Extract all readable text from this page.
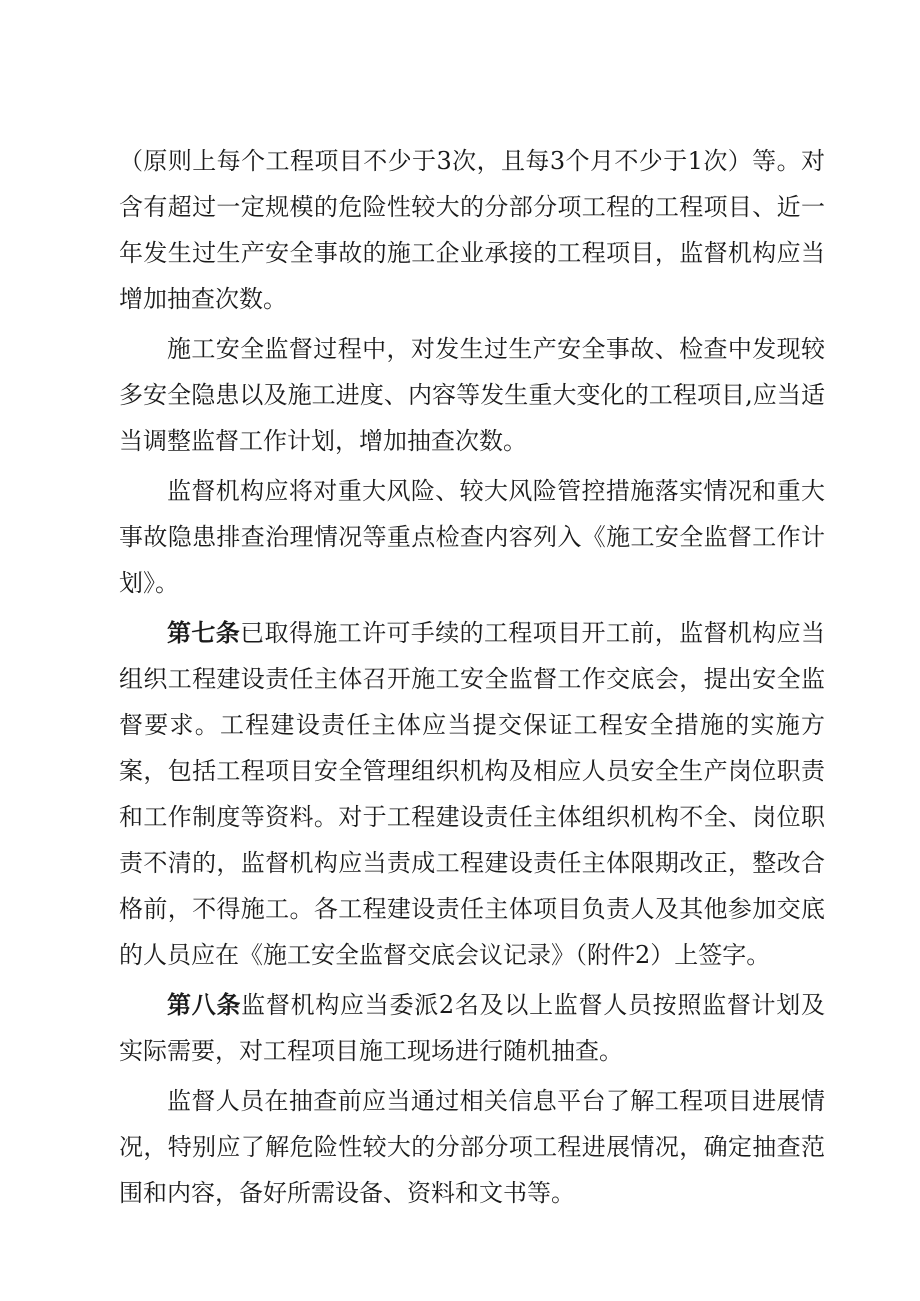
（原则上每个工程项目不少于3次，且每3个月不少于1次）等。对含有超过一定规模的危险性较大的分部分项工程的工程项目、近一年发生过生产安全事故的施工企业承接的工程项目，监督机构应当增加抽查次数。

施工安全监督过程中，对发生过生产安全事故、检查中发现较多安全隐患以及施工进度、内容等发生重大变化的工程项目,应当适当调整监督工作计划，增加抽查次数。

监督机构应将对重大风险、较大风险管控措施落实情况和重大事故隐患排查治理情况等重点检查内容列入《施工安全监督工作计划》。

第七条已取得施工许可手续的工程项目开工前，监督机构应当组织工程建设责任主体召开施工安全监督工作交底会，提出安全监督要求。工程建设责任主体应当提交保证工程安全措施的实施方案，包括工程项目安全管理组织机构及相应人员安全生产岗位职责和工作制度等资料。对于工程建设责任主体组织机构不全、岗位职责不清的，监督机构应当责成工程建设责任主体限期改正，整改合格前，不得施工。各工程建设责任主体项目负责人及其他参加交底的人员应在《施工安全监督交底会议记录》（附件2）上签字。

第八条监督机构应当委派2名及以上监督人员按照监督计划及实际需要，对工程项目施工现场进行随机抽查。

监督人员在抽查前应当通过相关信息平台了解工程项目进展情况，特别应了解危险性较大的分部分项工程进展情况，确定抽查范围和内容，备好所需设备、资料和文书等。
